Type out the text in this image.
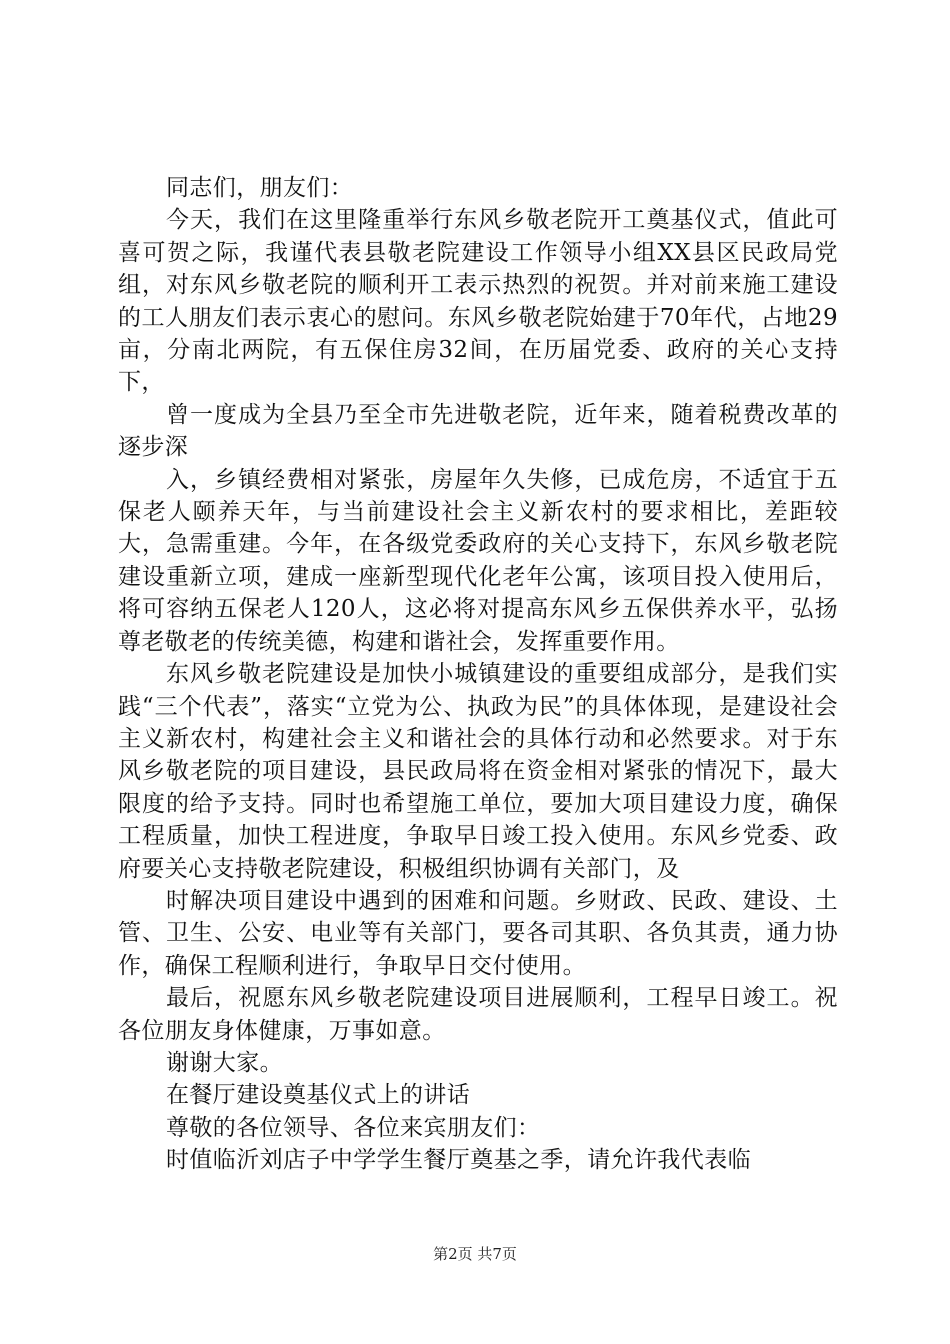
同志们，朋友们：

今天，我们在这里隆重举行东风乡敬老院开工奠基仪式，值此可喜可贺之际，我谨代表县敬老院建设工作领导小组XX县区民政局党组，对东风乡敬老院的顺利开工表示热烈的祝贺。并对前来施工建设的工人朋友们表示衷心的慰问。东风乡敬老院始建于70年代，占地29亩，分南北两院，有五保住房32间，在历届党委、政府的关心支持下，

曾一度成为全县乃至全市先进敬老院，近年来，随着税费改革的逐步深

入，乡镇经费相对紧张，房屋年久失修，已成危房，不适宜于五保老人颐养天年，与当前建设社会主义新农村的要求相比，差距较大，急需重建。今年，在各级党委政府的关心支持下，东风乡敬老院建设重新立项，建成一座新型现代化老年公寓，该项目投入使用后，将可容纳五保老人120人，这必将对提高东风乡五保供养水平，弘扬尊老敬老的传统美德，构建和谐社会，发挥重要作用。

东风乡敬老院建设是加快小城镇建设的重要组成部分，是我们实践“三个代表”，落实“立党为公、执政为民”的具体体现，是建设社会主义新农村，构建社会主义和谐社会的具体行动和必然要求。对于东风乡敬老院的项目建设，县民政局将在资金相对紧张的情况下，最大限度的给予支持。同时也希望施工单位，要加大项目建设力度，确保工程质量，加快工程进度，争取早日竣工投入使用。东风乡党委、政府要关心支持敬老院建设，积极组织协调有关部门，及

时解决项目建设中遇到的困难和问题。乡财政、民政、建设、土管、卫生、公安、电业等有关部门，要各司其职、各负其责，通力协作，确保工程顺利进行，争取早日交付使用。

最后，祝愿东风乡敬老院建设项目进展顺利，工程早日竣工。祝各位朋友身体健康，万事如意。

谢谢大家。

在餐厅建设奠基仪式上的讲话

尊敬的各位领导、各位来宾朋友们：

时值临沂刘店子中学学生餐厅奠基之季，请允许我代表临

第2页 共7页
